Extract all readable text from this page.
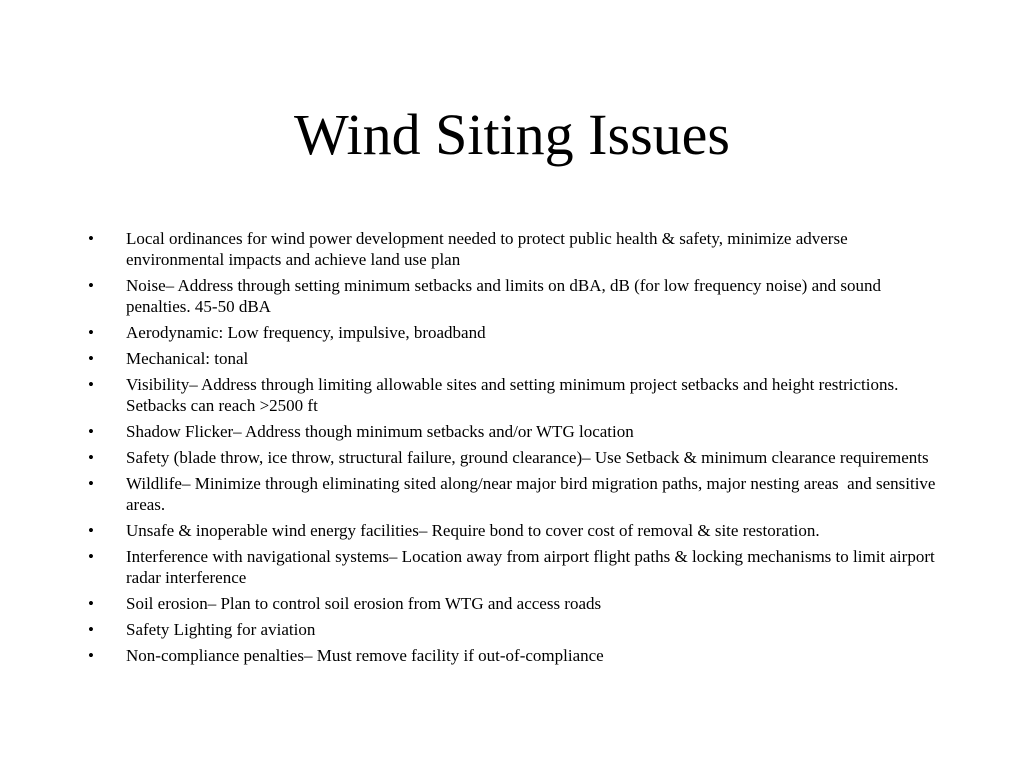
Wind Siting Issues
•	Local ordinances for wind power development needed to protect public health & safety, minimize adverse environmental impacts and achieve land use plan
•	Noise– Address through setting minimum setbacks and limits on dBA, dB (for low frequency noise) and sound penalties. 45-50 dBA
•	Aerodynamic: Low frequency, impulsive, broadband
•	Mechanical: tonal
•	Visibility– Address through limiting allowable sites and setting minimum project setbacks and height restrictions. Setbacks can reach >2500 ft
•	Shadow Flicker– Address though minimum setbacks and/or WTG location
•	Safety (blade throw, ice throw, structural failure, ground clearance)– Use Setback & minimum clearance requirements
•	Wildlife– Minimize through eliminating sited along/near major bird migration paths, major nesting areas  and sensitive areas.
•	Unsafe & inoperable wind energy facilities– Require bond to cover cost of removal & site restoration.
•	Interference with navigational systems– Location away from airport flight paths & locking mechanisms to limit airport radar interference
•	Soil erosion– Plan to control soil erosion from WTG and access roads
•	Safety Lighting for aviation
•	Non-compliance penalties– Must remove facility if out-of-compliance
